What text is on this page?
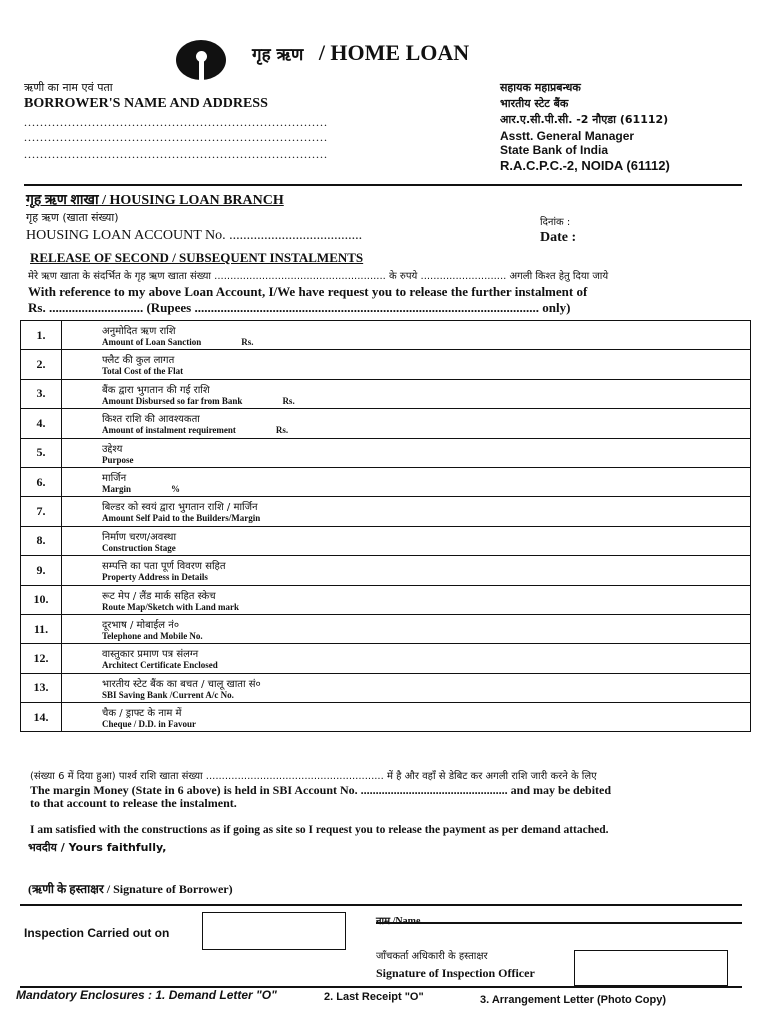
गृह ऋण / HOME LOAN
ऋणी का नाम एवं पता
BORROWER'S NAME AND ADDRESS
............................................................................
............................................................................
............................................................................
सहायक महाप्रबन्धक
भारतीय स्टेट बैंक
आर.ए.सी.पी.सी. -2 नौएडा (61112)
Asstt. General Manager
State Bank of India
R.A.C.P.C.-2, NOIDA (61112)
गृह ऋण शाखा / HOUSING LOAN BRANCH
गृह ऋण (खाता संख्या)
HOUSING LOAN ACCOUNT No. ......................................
दिनांक :
Date :
RELEASE OF SECOND / SUBSEQUENT INSTALMENTS
मेरे ऋण खाता के संदर्भित के गृह ऋण खाता संख्या ...................................................... के रुपये ........................... अगली किश्त हेतु दिया जाये
With reference to my above Loan Account, I/We have request you to release the further instalment of
Rs. ............................. (Rupees .......................................................................................................... only)
1.	अनुमोदित ऋण राशि
Amount of Loan Sanction Rs.

2.	फ्लैट की कुल लागत
Total Cost of the Flat

3.	बैंक द्वारा भुगतान की गई राशि
Amount Disbursed so far from Bank Rs.

4.	किश्त राशि की आवश्यकता
Amount of instalment requirement Rs.

5.	उद्देश्य
Purpose

6.	मार्जिन
Margin %

7.	बिल्डर को स्वयं द्वारा भुगतान राशि / मार्जिन
Amount Self Paid to the Builders/Margin

8.	निर्माण चरण/अवस्था
Construction Stage

9.	सम्पत्ति का पता पूर्ण विवरण सहित
Property Address in Details

10.	रूट मेप / लैंड मार्क सहित स्केच
Route Map/Sketch with Land mark

11.	दूरभाष / मोबाईल नं०
Telephone and Mobile No.

12.	वास्तुकार प्रमाण पत्र संलग्न
Architect Certificate Enclosed

13.	भारतीय स्टेट बैंक का बचत / चालू खाता सं०
SBI Saving Bank /Current A/c No.

14.	चैक / ड्राफ्ट के नाम में
Cheque / D.D. in Favour
(संख्या 6 में दिया हुआ) पार्श्व राशि खाता संख्या ........................................................ में है और वहाँ से डेबिट कर अगली राशि जारी करने के लिए
The margin Money (State in 6 above) is held in SBI Account No. ................................................. and may be debited
to that account to release the instalment.
I am satisfied with the constructions as if going as site so I request you to release the payment as per demand attached.
भवदीय / Yours faithfully,
(ऋणी के हस्ताक्षर / Signature of Borrower)
Inspection Carried out on
जाँचकर्ता अधिकारी के हस्ताक्षर
Signature of Inspection Officer
Mandatory Enclosures : 1. Demand Letter "O"	2. Last Receipt "O"	3. Arrangement Letter (Photo Copy)
